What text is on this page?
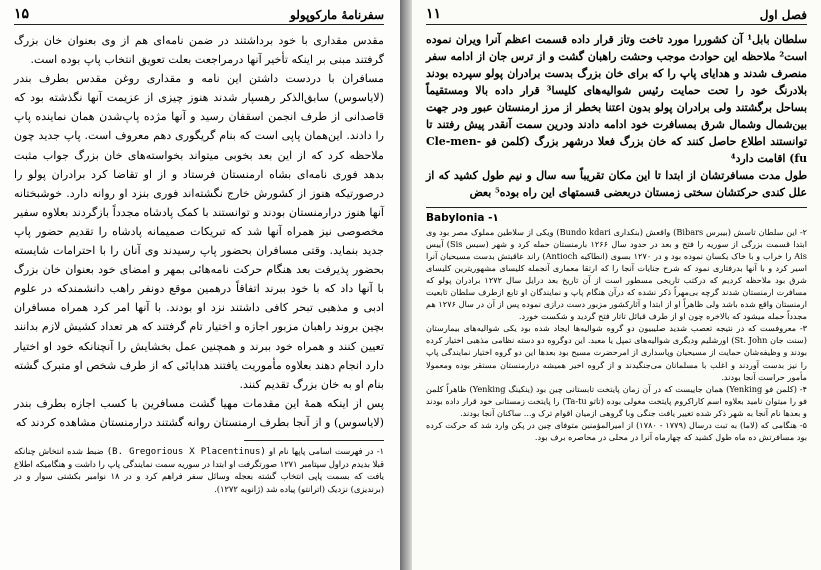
سفرنامهٔ مارکوپولو
۱۵

مقدس مقداری با خود برداشتند در ضمن نامه‌ای هم از وی بعنوان خان بزرگ گرفتند مبنی بر اینکه تأخیر آنها درمراجعت بعلت تعویق انتخاب پاپ بوده است.

مسافران با دردست داشتن این نامه و مقداری روغن مقدس بطرف بندر (لایاسوس) سابق‌الذکر رهسپار شدند هنوز چیزی از عزیمت آنها نگذشته بود که قاصدانی از طرف انجمن اسقفان رسید و آنها مژده پاپ‌شدن همان نماینده پاپ را دادند. این‌همان پاپی است که بنام گریگوری دهم معروف است. پاپ جدید چون ملاحظه کرد که از این بعد بخوبی میتواند بخواسته‌های خان بزرگ جواب مثبت بدهد فوری نامه‌ای بشاه ارمنستان فرستاد و از او تقاضا کرد برادران پولو را درصورتیکه هنوز از کشورش خارج نگشته‌اند فوری بنزد او روانه دارد. خوشبختانه آنها هنوز درارمنستان بودند و توانستند با کمک پادشاه مجدداً بازگردند بعلاوه سفیر مخصوصی نیز همراه آنها شد که تبریکات صمیمانه پادشاه را تقدیم حضور پاپ جدید بنماید. وقتی مسافران بحضور پاپ رسیدند وی آنان را با احترامات شایسته بحضور پذیرفت بعد هنگام حرکت نامه‌هائی بمهر و امضای خود بعنوان خان بزرگ با آنها داد که با خود ببرند اتفاقاً درهمین موقع دونفر راهب دانشمندکه در علوم ادبی و مذهبی تبحر کافی داشتند نزد او بودند. با آنها امر کرد همراه مسافران بچین بروند راهبان مزبور اجازه و اختیار تام گرفتند که هر تعداد کشیش لازم بدانند تعیین کنند و همراه خود ببرند و همچنین عمل بخشایش را آنچنانکه خود او اختیار دارد انجام دهند بعلاوه مأموریت یافتند هدایائی که از طرف شخص او متبرک گشته بنام او به خان بزرگ تقدیم کنند.

پس از اینکه همهٔ این مقدمات مهیا گشت مسافرین با کسب اجازه بطرف بندر (لایاسوس) و از آنجا بطرف ارمنستان روانه گشتند درارمنستان مشاهده کردند که

۱- در فهرست اسامی پاپها نام او (B. Gregorious X Placentinus) ضبط شده انتخاش چنانکه قبلا بدیدم دراول سپتامبر ۱۲۷۱ صورتگرفت او ابتدا در سوریه سمت نمایندگی پاپ را داشت و هنگامیکه اطلاع یافت که بسمت پاپی انتخاب گشته بعجله وسائل سفر فراهم کرد و در ۱۸ نوامبر بکشتی سوار و در (برندیزی) نزدیک (اترانتو) پیاده شد (ژانویه ۱۲۷۲).

فصل اول
۱۱

سلطان بابل¹ آن کشوررا مورد تاخت وتاز قرار داده قسمت اعظم آنرا ویران نموده است² ملاحظه این حوادث موجب وحشت راهبان گشت و از ترس جان از ادامه سفر منصرف شدند و هدایای پاپ را که برای خان بزرگ بدست برادران پولو سپرده بودند بلادرنگ خود را تحت حمایت رئیس شوالیه‌های کلیسا³ قرار داده بالا ومستقیماً بساحل برگشتند ولی برادران پولو بدون اعتنا بخطر از مرز ارمنستان عبور ودر جهت بین‌شمال وشمال شرق بمسافرت خود ادامه دادند ودرین سمت آنقدر پیش رفتند تا توانستند اطلاع حاصل کنند که خان بزرگ فعلا درشهر بزرگ (کلمن فو Cle-men-fu) اقامت دارد⁴

طول مدت مسافرتشان از ابتدا تا این مکان تقریباً سه سال و نیم طول کشید که از علل کندی حرکتشان سختی زمستان دربعضی قسمتهای این راه بوده⁵ بعض

Babylonia -۱

۲- این سلطان تاسش (بیبرس Bibars) واقعش (بنکداری Bundo kdari) ویکی از سلاطین مملوک مصر بود وی ابتدا قسمت بزرگی از سوریه را فتح و بعد در حدود سال ۱۲۶۶ بارمنستان حمله کرد و شهر (سیس Sis) آییس Ais را خراب و با خاک یکسان نموده بود و در ۱۲۷۰ بسوی (انطاکیه Antioch) راند عاقبتش بدست مسیحیان آنرا اسیر کرد و با آنها بدرفتاری نمود که شرح جنایات آنجا را که ارتقا معماری آنجمله کلیسای مشهوریترین کلیسای شرق بود ملاحظه کردیم که درکتب تاریخی مسطور است از آن تاریخ بعد درایل سال ۱۲۷۲ برادران پولو که مسافرت ارمنستان شدند گرچه بی‌مهراً ذکر نشده که درآن هنگام پاپ و نمایندگان او تابع ازطرف سلطان تابعیت ارمنستان واقع شده باشد ولی ظاهراً او از ابتدا و آثارکشور مزبور دست درازی نموده پس از آن در سال ۱۲۷۶ هم مجدداً حمله میشود که بالاخره چون او از طرف قبائل تاتار فتح گردید و شکست خورد.

۳- معروفست که در نتیجه تعصب شدید صلیبیون دو گروه شوالیه‌ها ایجاد شده بود یکی شوالیه‌های بیمارستان (سنت جان St. John) اورشلیم ودیگری شوالیه‌های تمپل یا معبد. این دوگروه دو دسته نظامی مذهبی اختیار کرده بودند و وظیفه‌شان حمایت از مسیحیان وپاسداری از امرحضرت مسیح بود بعدها این دو گروه اختیار نمایندگی پاپ را نیز بدست آوردند و اغلب با مسلمانان می‌جنگیدند و از گروه اخیر همیشه درارمنستان مستقر بوده ومعمولا مأمور حراست آنجا بودند.

۴- (کلمن فو Yenking) همان جاییست که در آن زمان پایتخت تابستانی چین بود (ینکینگ Yenking) ظاهراً کلمن فو را میتوان نامید بعلاوه اسم کاراکروم پایتخت مغولی بوده (تاتو Ta-tu) را پایتخت زمستانی خود قرار داده بودند و بعدها نام آنجا به شهر ذکر شده تغییر یافت جنگی وبا گروهی ازمیان اقوام ترک و... ساکنان آنجا بودند.

۵- هنگامی که (لاما) به تبت درسال (۱۷۷۹ - ۱۷۸۰) از امیرالمؤمنین متوفای چین در پکن وارد شد که حرکت کرده بود مسافرتش ده ماه طول کشید که چهارماه آنرا در محلی در محاصره برف بود.
